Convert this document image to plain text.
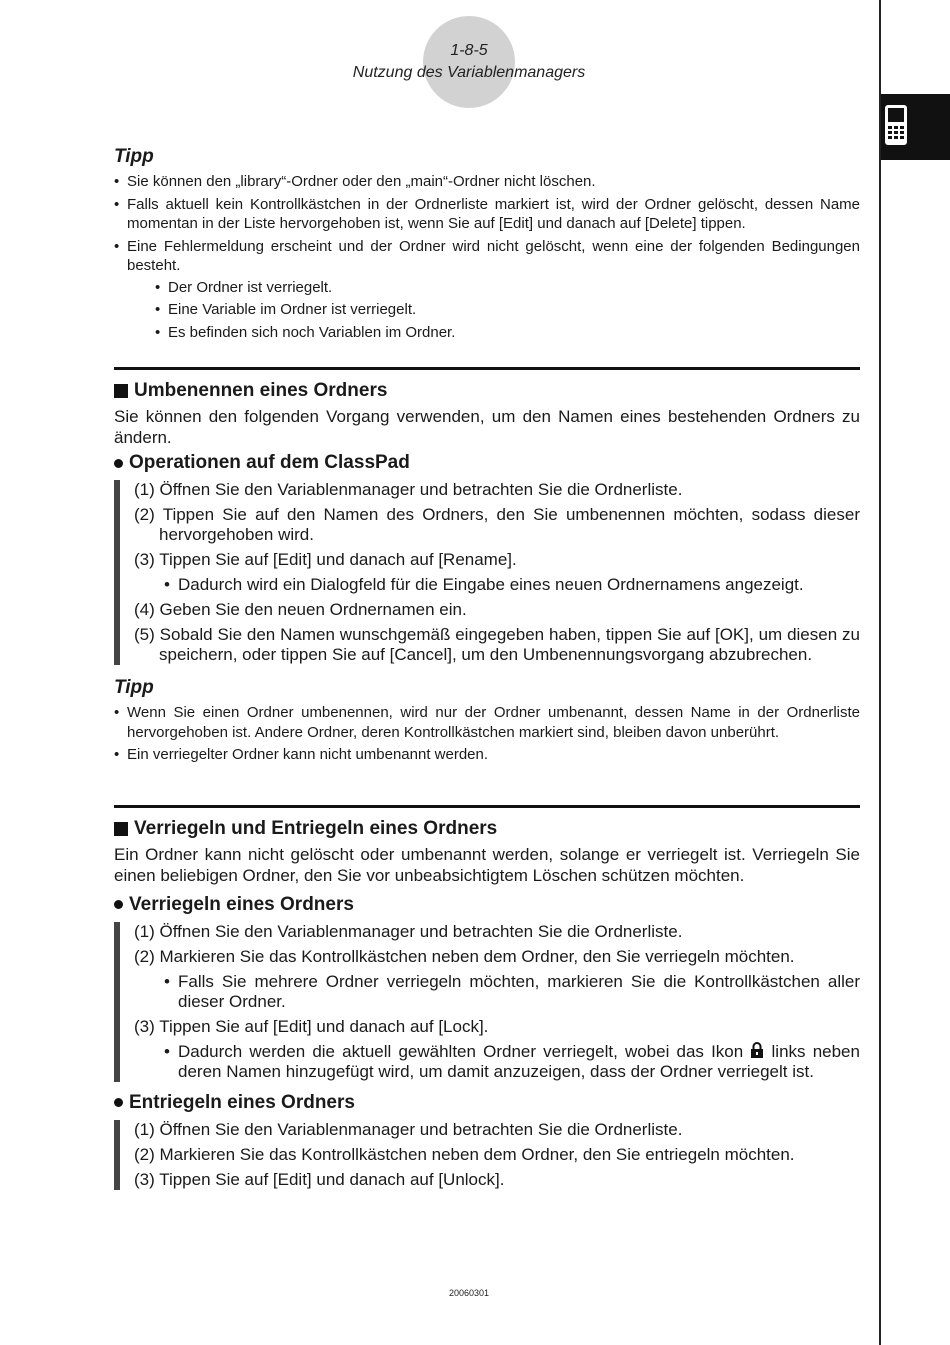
1-8-5
Nutzung des Variablenmanagers

Tipp

• Sie können den „library“-Ordner oder den „main“-Ordner nicht löschen.
• Falls aktuell kein Kontrollkästchen in der Ordnerliste markiert ist, wird der Ordner gelöscht, dessen Name momentan in der Liste hervorgehoben ist, wenn Sie auf [Edit] und danach auf [Delete] tippen.
• Eine Fehlermeldung erscheint und der Ordner wird nicht gelöscht, wenn eine der folgenden Bedingungen besteht.
• Der Ordner ist verriegelt.
• Eine Variable im Ordner ist verriegelt.
• Es befinden sich noch Variablen im Ordner.
Umbenennen eines Ordners

Sie können den folgenden Vorgang verwenden, um den Namen eines bestehenden Ordners zu ändern.

Operationen auf dem ClassPad
(1) Öffnen Sie den Variablenmanager und betrachten Sie die Ordnerliste.
(2) Tippen Sie auf den Namen des Ordners, den Sie umbenennen möchten, sodass dieser hervorgehoben wird.
(3) Tippen Sie auf [Edit] und danach auf [Rename].
• Dadurch wird ein Dialogfeld für die Eingabe eines neuen Ordnernamens angezeigt.
(4) Geben Sie den neuen Ordnernamen ein.
(5) Sobald Sie den Namen wunschgemäß eingegeben haben, tippen Sie auf [OK], um diesen zu speichern, oder tippen Sie auf [Cancel], um den Umbenennungsvorgang abzubrechen.

Tipp

• Wenn Sie einen Ordner umbenennen, wird nur der Ordner umbenannt, dessen Name in der Ordnerliste hervorgehoben ist. Andere Ordner, deren Kontrollkästchen markiert sind, bleiben davon unberührt.
• Ein verriegelter Ordner kann nicht umbenannt werden.
Verriegeln und Entriegeln eines Ordners

Ein Ordner kann nicht gelöscht oder umbenannt werden, solange er verriegelt ist. Verriegeln Sie einen beliebigen Ordner, den Sie vor unbeabsichtigtem Löschen schützen möchten.

Verriegeln eines Ordners
(1) Öffnen Sie den Variablenmanager und betrachten Sie die Ordnerliste.
(2) Markieren Sie das Kontrollkästchen neben dem Ordner, den Sie verriegeln möchten.
• Falls Sie mehrere Ordner verriegeln möchten, markieren Sie die Kontrollkästchen aller dieser Ordner.
(3) Tippen Sie auf [Edit] und danach auf [Lock].
• Dadurch werden die aktuell gewählten Ordner verriegelt, wobei das Ikon links neben deren Namen hinzugefügt wird, um damit anzuzeigen, dass der Ordner verriegelt ist.
Entriegeln eines Ordners
(1) Öffnen Sie den Variablenmanager und betrachten Sie die Ordnerliste.
(2) Markieren Sie das Kontrollkästchen neben dem Ordner, den Sie entriegeln möchten.
(3) Tippen Sie auf [Edit] und danach auf [Unlock].
20060301
